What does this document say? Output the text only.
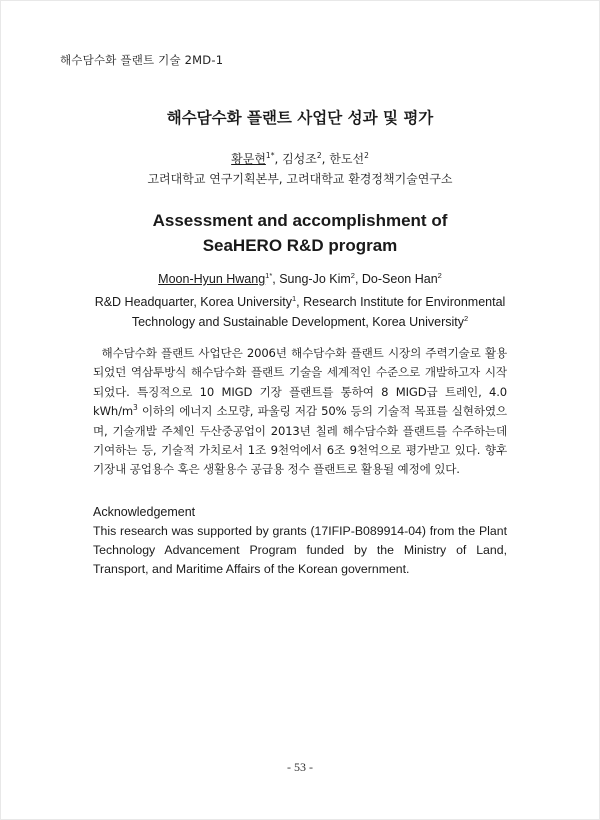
해수담수화 플랜트 기술 2MD-1
해수담수화 플랜트 사업단 성과 및 평가
황문현$^{1*}$, 김성조$^2$, 한도선$^2$
고려대학교 연구기획본부, 고려대학교 환경정책기술연구소
Assessment and accomplishment of
SeaHERO R&D program
Moon-Hyun Hwang$^{1*}$, Sung-Jo Kim$^2$, Do-Seon Han$^2$
R&D Headquarter, Korea University$^1$, Research Institute for Environmental Technology and Sustainable Development, Korea University$^2$
해수담수화 플랜트 사업단은 2006년 해수담수화 플랜트 시장의 주력기술로 활용되었던 역삼투방식 해수담수화 플랜트 기술을 세계적인 수준으로 개발하고자 시작되었다. 특징적으로 10 MIGD 기장 플랜트를 통하여 8 MIGD급 트레인, 4.0 kWh/$m^3$ 이하의 에너지 소모량, 파울링 저감 50% 등의 기술적 목표를 실현하였으며, 기술개발 주체인 두산중공업이 2013년 칠레 해수담수화 플랜트를 수주하는데 기여하는 등, 기술적 가치로서 1조 9천억에서 6조 9천억으로 평가받고 있다. 향후 기장내 공업용수 혹은 생활용수 공급용 정수 플랜트로 활용될 예정에 있다.
Acknowledgement
This research was supported by grants (17IFIP-B089914-04) from the Plant Technology Advancement Program funded by the Ministry of Land, Transport, and Maritime Affairs of the Korean government.
- 53 -
